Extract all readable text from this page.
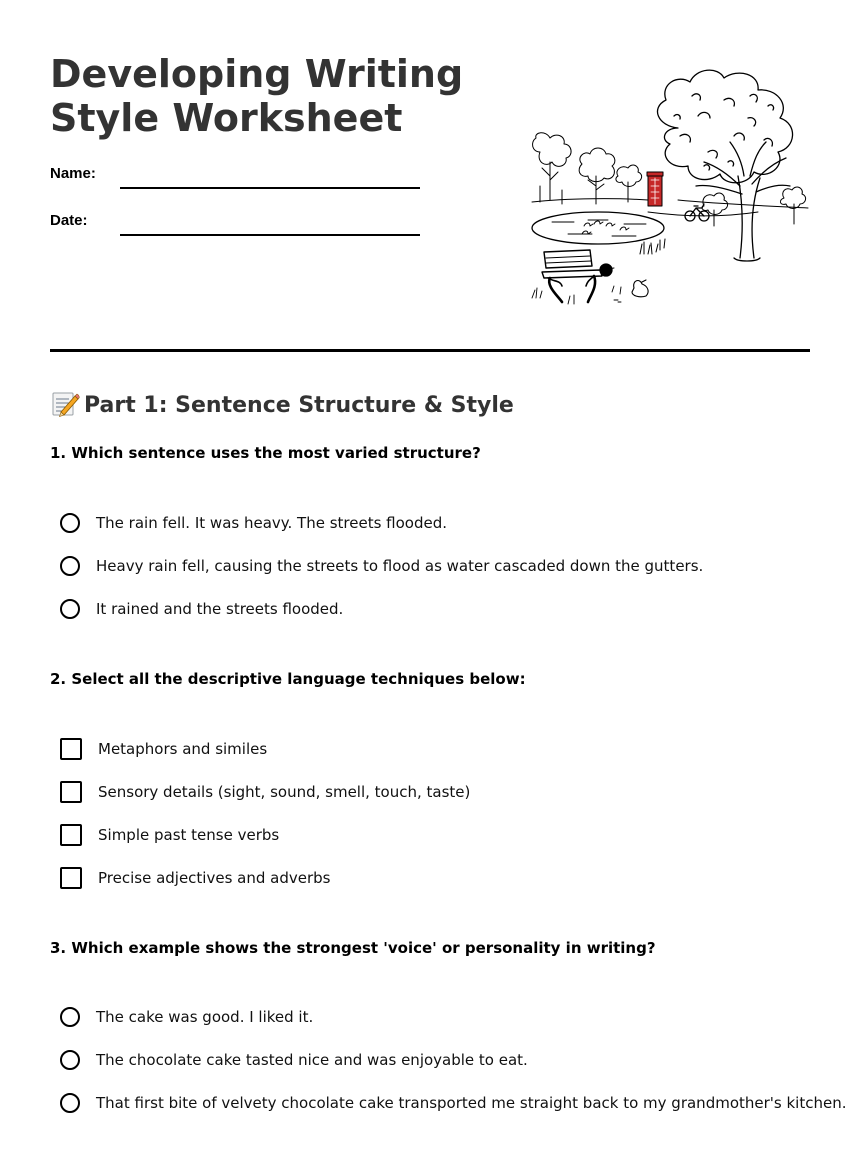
Developing Writing
Style Worksheet
Name:
Date:
Part 1: Sentence Structure & Style
1. Which sentence uses the most varied structure?
The rain fell. It was heavy. The streets flooded.
Heavy rain fell, causing the streets to flood as water cascaded down the gutters.
It rained and the streets flooded.
2. Select all the descriptive language techniques below:
Metaphors and similes
Sensory details (sight, sound, smell, touch, taste)
Simple past tense verbs
Precise adjectives and adverbs
3. Which example shows the strongest 'voice' or personality in writing?
The cake was good. I liked it.
The chocolate cake tasted nice and was enjoyable to eat.
That first bite of velvety chocolate cake transported me straight back to my grandmother's kitchen.
